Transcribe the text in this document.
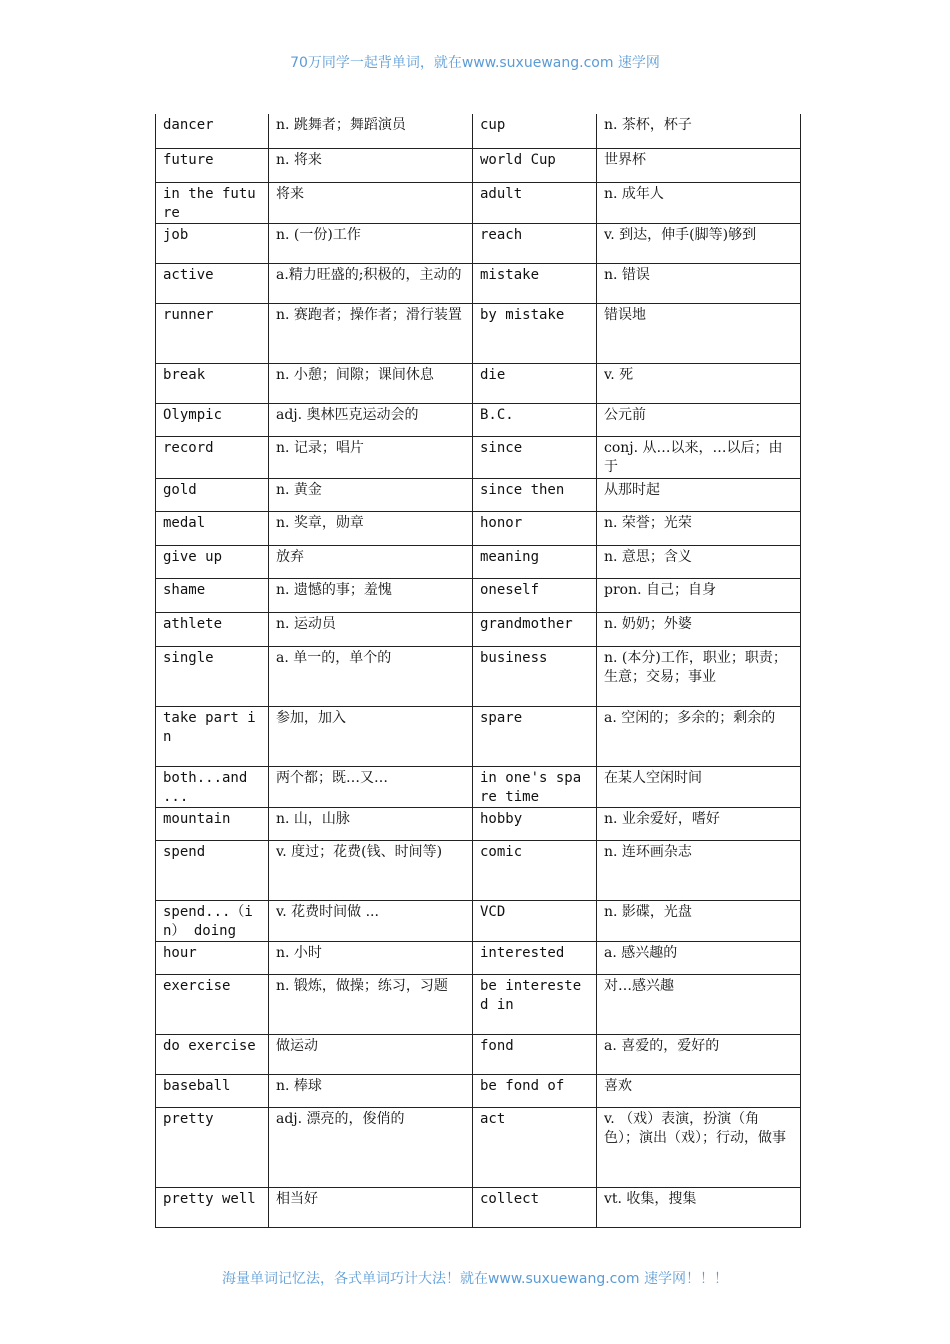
70万同学一起背单词，就在www.suxuewang.com 速学网
dancer	n. 跳舞者；舞蹈演员	cup	n. 茶杯，杯子
future	n. 将来	world Cup	世界杯
in the future	将来	adult	n. 成年人
job	n. (一份)工作	reach	v. 到达，伸手(脚等)够到
active	a.精力旺盛的;积极的，主动的	mistake	n. 错误
runner	n. 赛跑者；操作者；滑行装置	by mistake	错误地
break	n. 小憩；间隙；课间休息	die	v. 死
Olympic	adj. 奥林匹克运动会的	B.C.	公元前
record	n. 记录；唱片	since	conj. 从…以来，…以后；由于
gold	n. 黄金	since then	从那时起
medal	n. 奖章，勋章	honor	n. 荣誉；光荣
give up	放弃	meaning	n. 意思；含义
shame	n. 遗憾的事；羞愧	oneself	pron. 自己；自身
athlete	n. 运动员	grandmother	n. 奶奶；外婆
single	a. 单一的，单个的	business	n. (本分)工作，职业；职责；生意；交易；事业
take part in	参加，加入	spare	a. 空闲的；多余的；剩余的
both...and ...	两个都；既…又…	in one's spare time	在某人空闲时间
mountain	n. 山，山脉	hobby	n. 业余爱好，嗜好
spend	v. 度过；花费(钱、时间等)	comic	n. 连环画杂志
spend...（in） doing	v. 花费时间做 ...	VCD	n. 影碟，光盘
hour	n. 小时	interested	a. 感兴趣的
exercise	n. 锻炼，做操；练习，习题	be interested in	对…感兴趣
do exercise	做运动	fond	a. 喜爱的，爱好的
baseball	n. 棒球	be fond of	喜欢
pretty	adj. 漂亮的，俊俏的	act	v. （戏）表演，扮演（角色）；演出（戏）；行动，做事
pretty well	相当好	collect	vt. 收集，搜集
海量单词记忆法，各式单词巧计大法！就在www.suxuewang.com 速学网！！！
